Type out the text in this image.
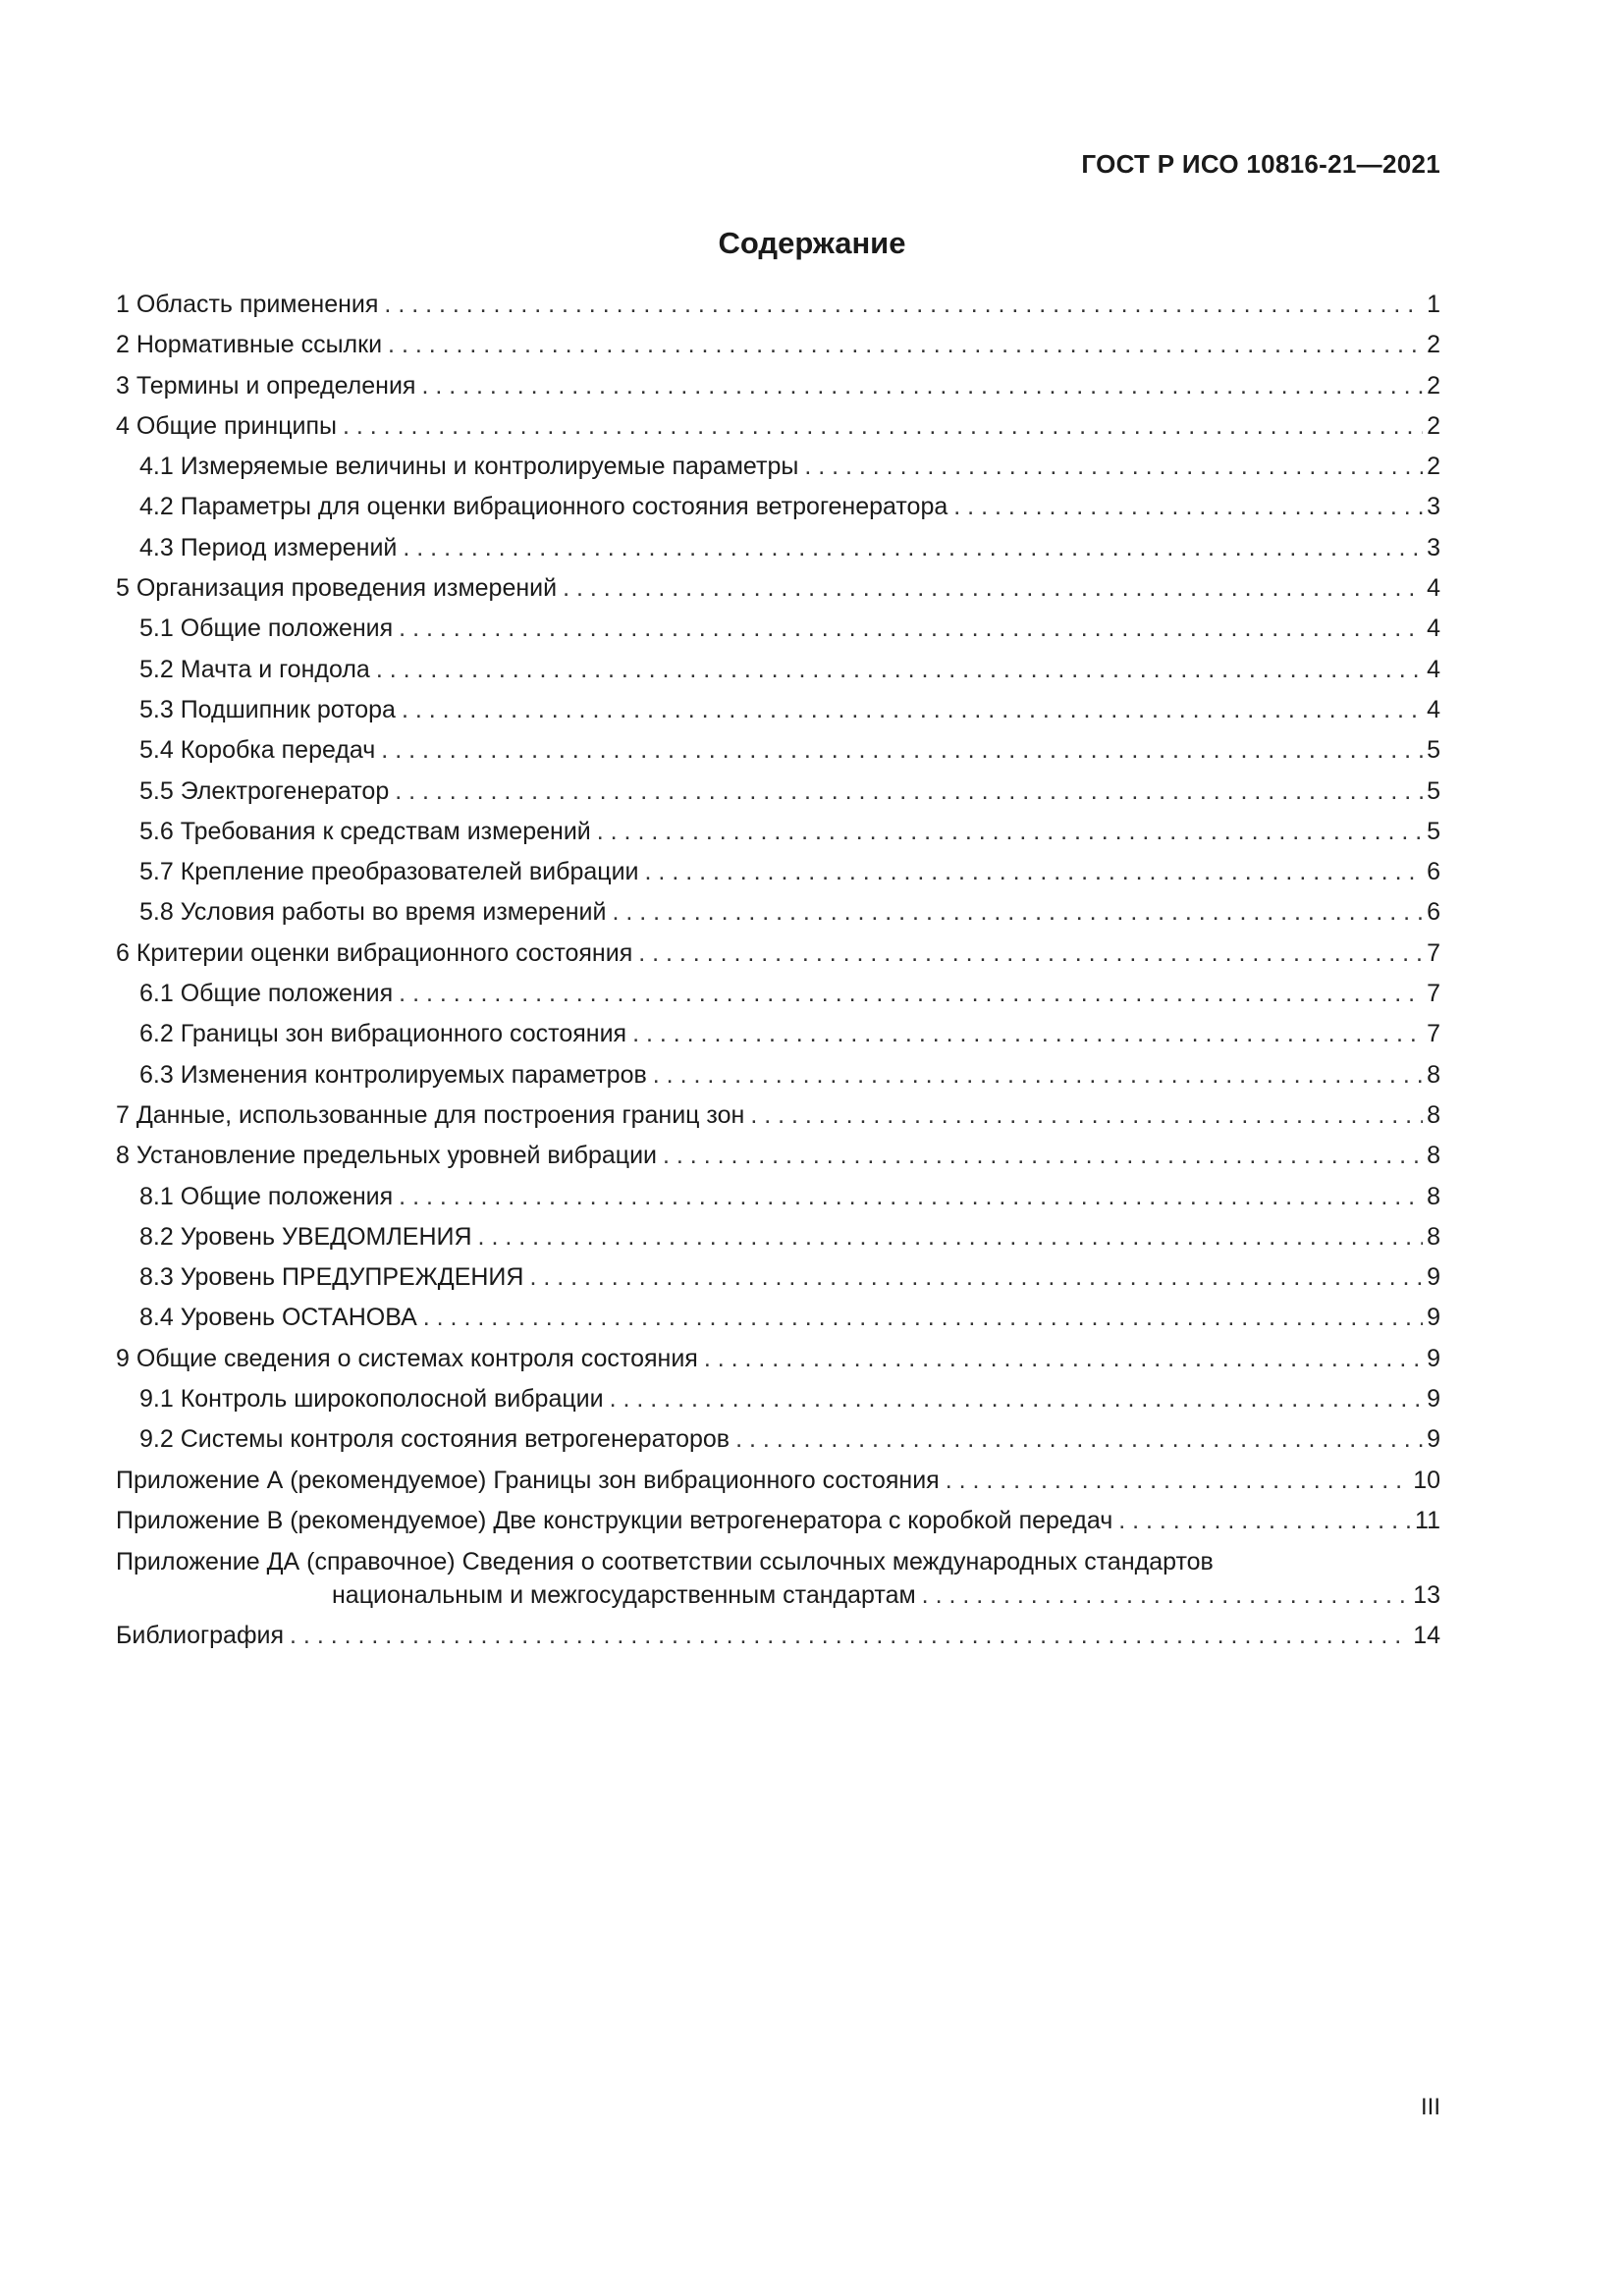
ГОСТ Р ИСО 10816-21—2021
Содержание
1 Область применения . . .	1
2 Нормативные ссылки . . .	2
3 Термины и определения . . .	2
4 Общие принципы . . .	2
4.1 Измеряемые величины и контролируемые параметры . . .	2
4.2 Параметры для оценки вибрационного состояния ветрогенератора . . .	3
4.3 Период измерений . . .	3
5 Организация проведения измерений . . .	4
5.1 Общие положения . . .	4
5.2 Мачта и гондола . . .	4
5.3 Подшипник ротора . . .	4
5.4 Коробка передач . . .	5
5.5 Электрогенератор . . .	5
5.6 Требования к средствам измерений . . .	5
5.7 Крепление преобразователей вибрации . . .	6
5.8 Условия работы во время измерений . . .	6
6 Критерии оценки вибрационного состояния . . .	7
6.1 Общие положения . . .	7
6.2 Границы зон вибрационного состояния . . .	7
6.3 Изменения контролируемых параметров . . .	8
7 Данные, использованные для построения границ зон . . .	8
8 Установление предельных уровней вибрации . . .	8
8.1 Общие положения . . .	8
8.2 Уровень УВЕДОМЛЕНИЯ . . .	8
8.3 Уровень ПРЕДУПРЕЖДЕНИЯ . . .	9
8.4 Уровень ОСТАНОВА . . .	9
9 Общие сведения о системах контроля состояния . . .	9
9.1 Контроль широкополосной вибрации . . .	9
9.2 Системы контроля состояния ветрогенераторов . . .	9
Приложение А (рекомендуемое) Границы зон вибрационного состояния . . .	10
Приложение В (рекомендуемое) Две конструкции ветрогенератора с коробкой передач . . .	11
Приложение ДА (справочное) Сведения о соответствии ссылочных международных стандартов
национальным и межгосударственным стандартам . . .	13
Библиография . . .	14
III
